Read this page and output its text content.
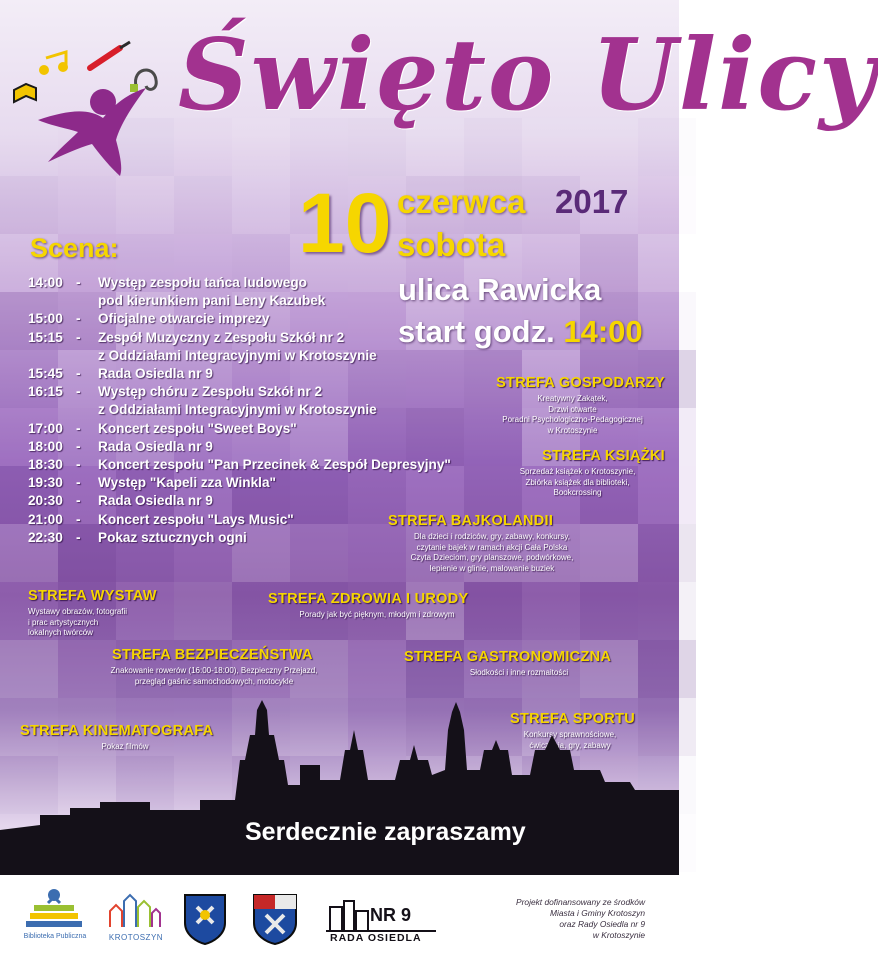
Święto Ulicy
10 czerwca 2017
sobota
ulica Rawicka
start godz. 14:00
Scena:
14:00 -	Występ zespołu tańca ludowego
pod kierunkiem pani Leny Kazubek
15:00 -	Oficjalne otwarcie imprezy
15:15 -	Zespół Muzyczny z Zespołu Szkół nr 2
z Oddziałami Integracyjnymi w Krotoszynie
15:45 -	Rada Osiedla nr 9
16:15 -	Występ chóru z Zespołu Szkół nr 2
z Oddziałami Integracyjnymi w Krotoszynie
17:00 -	Koncert zespołu "Sweet Boys"
18:00 -	Rada Osiedla nr 9
18:30 -	Koncert zespołu "Pan Przecinek & Zespół Depresyjny"
19:30 -	Występ "Kapeli zza Winkla"
20:30 -	Rada Osiedla nr 9
21:00 -	Koncert zespołu "Lays Music"
22:30 -	Pokaz sztucznych ogni
STREFA GOSPODARZY
Kreatywny Zakątek,
Drzwi otwarte
Poradni Psychologiczno-Pedagogicznej
w Krotoszynie
STREFA KSIĄŻKI
Sprzedaż książek o Krotoszynie,
Zbiórka książek dla biblioteki,
Bookcrossing
STREFA BAJKOLANDII
Dla dzieci i rodziców, gry, zabawy, konkursy,
czytanie bajek w ramach akcji Cała Polska
Czyta Dzieciom, gry planszowe, podwórkowe,
lepienie w glinie, malowanie buziek
STREFA WYSTAW
Wystawy obrazów, fotografii
i prac artystycznych
lokalnych twórców
STREFA ZDROWIA I URODY
Porady jak być pięknym, młodym i zdrowym
STREFA BEZPIECZEŃSTWA
Znakowanie rowerów (16:00-18:00), Bezpieczny Przejazd,
przegląd gaśnic samochodowych, motocykle
STREFA GASTRONOMICZNA
Słodkości i inne rozmaitości
STREFA KINEMATOGRAFA
Pokaz filmów
STREFA SPORTU
Konkursy sprawnościowe,
gry, zabawy
Serdecznie zapraszamy
Biblioteka Publiczna	KROTOSZYN
NR 9
RADA OSIEDLA
Projekt dofinansowany ze środków
Miasta i Gminy Krotoszyn
oraz Rady Osiedla nr 9
w Krotoszynie
